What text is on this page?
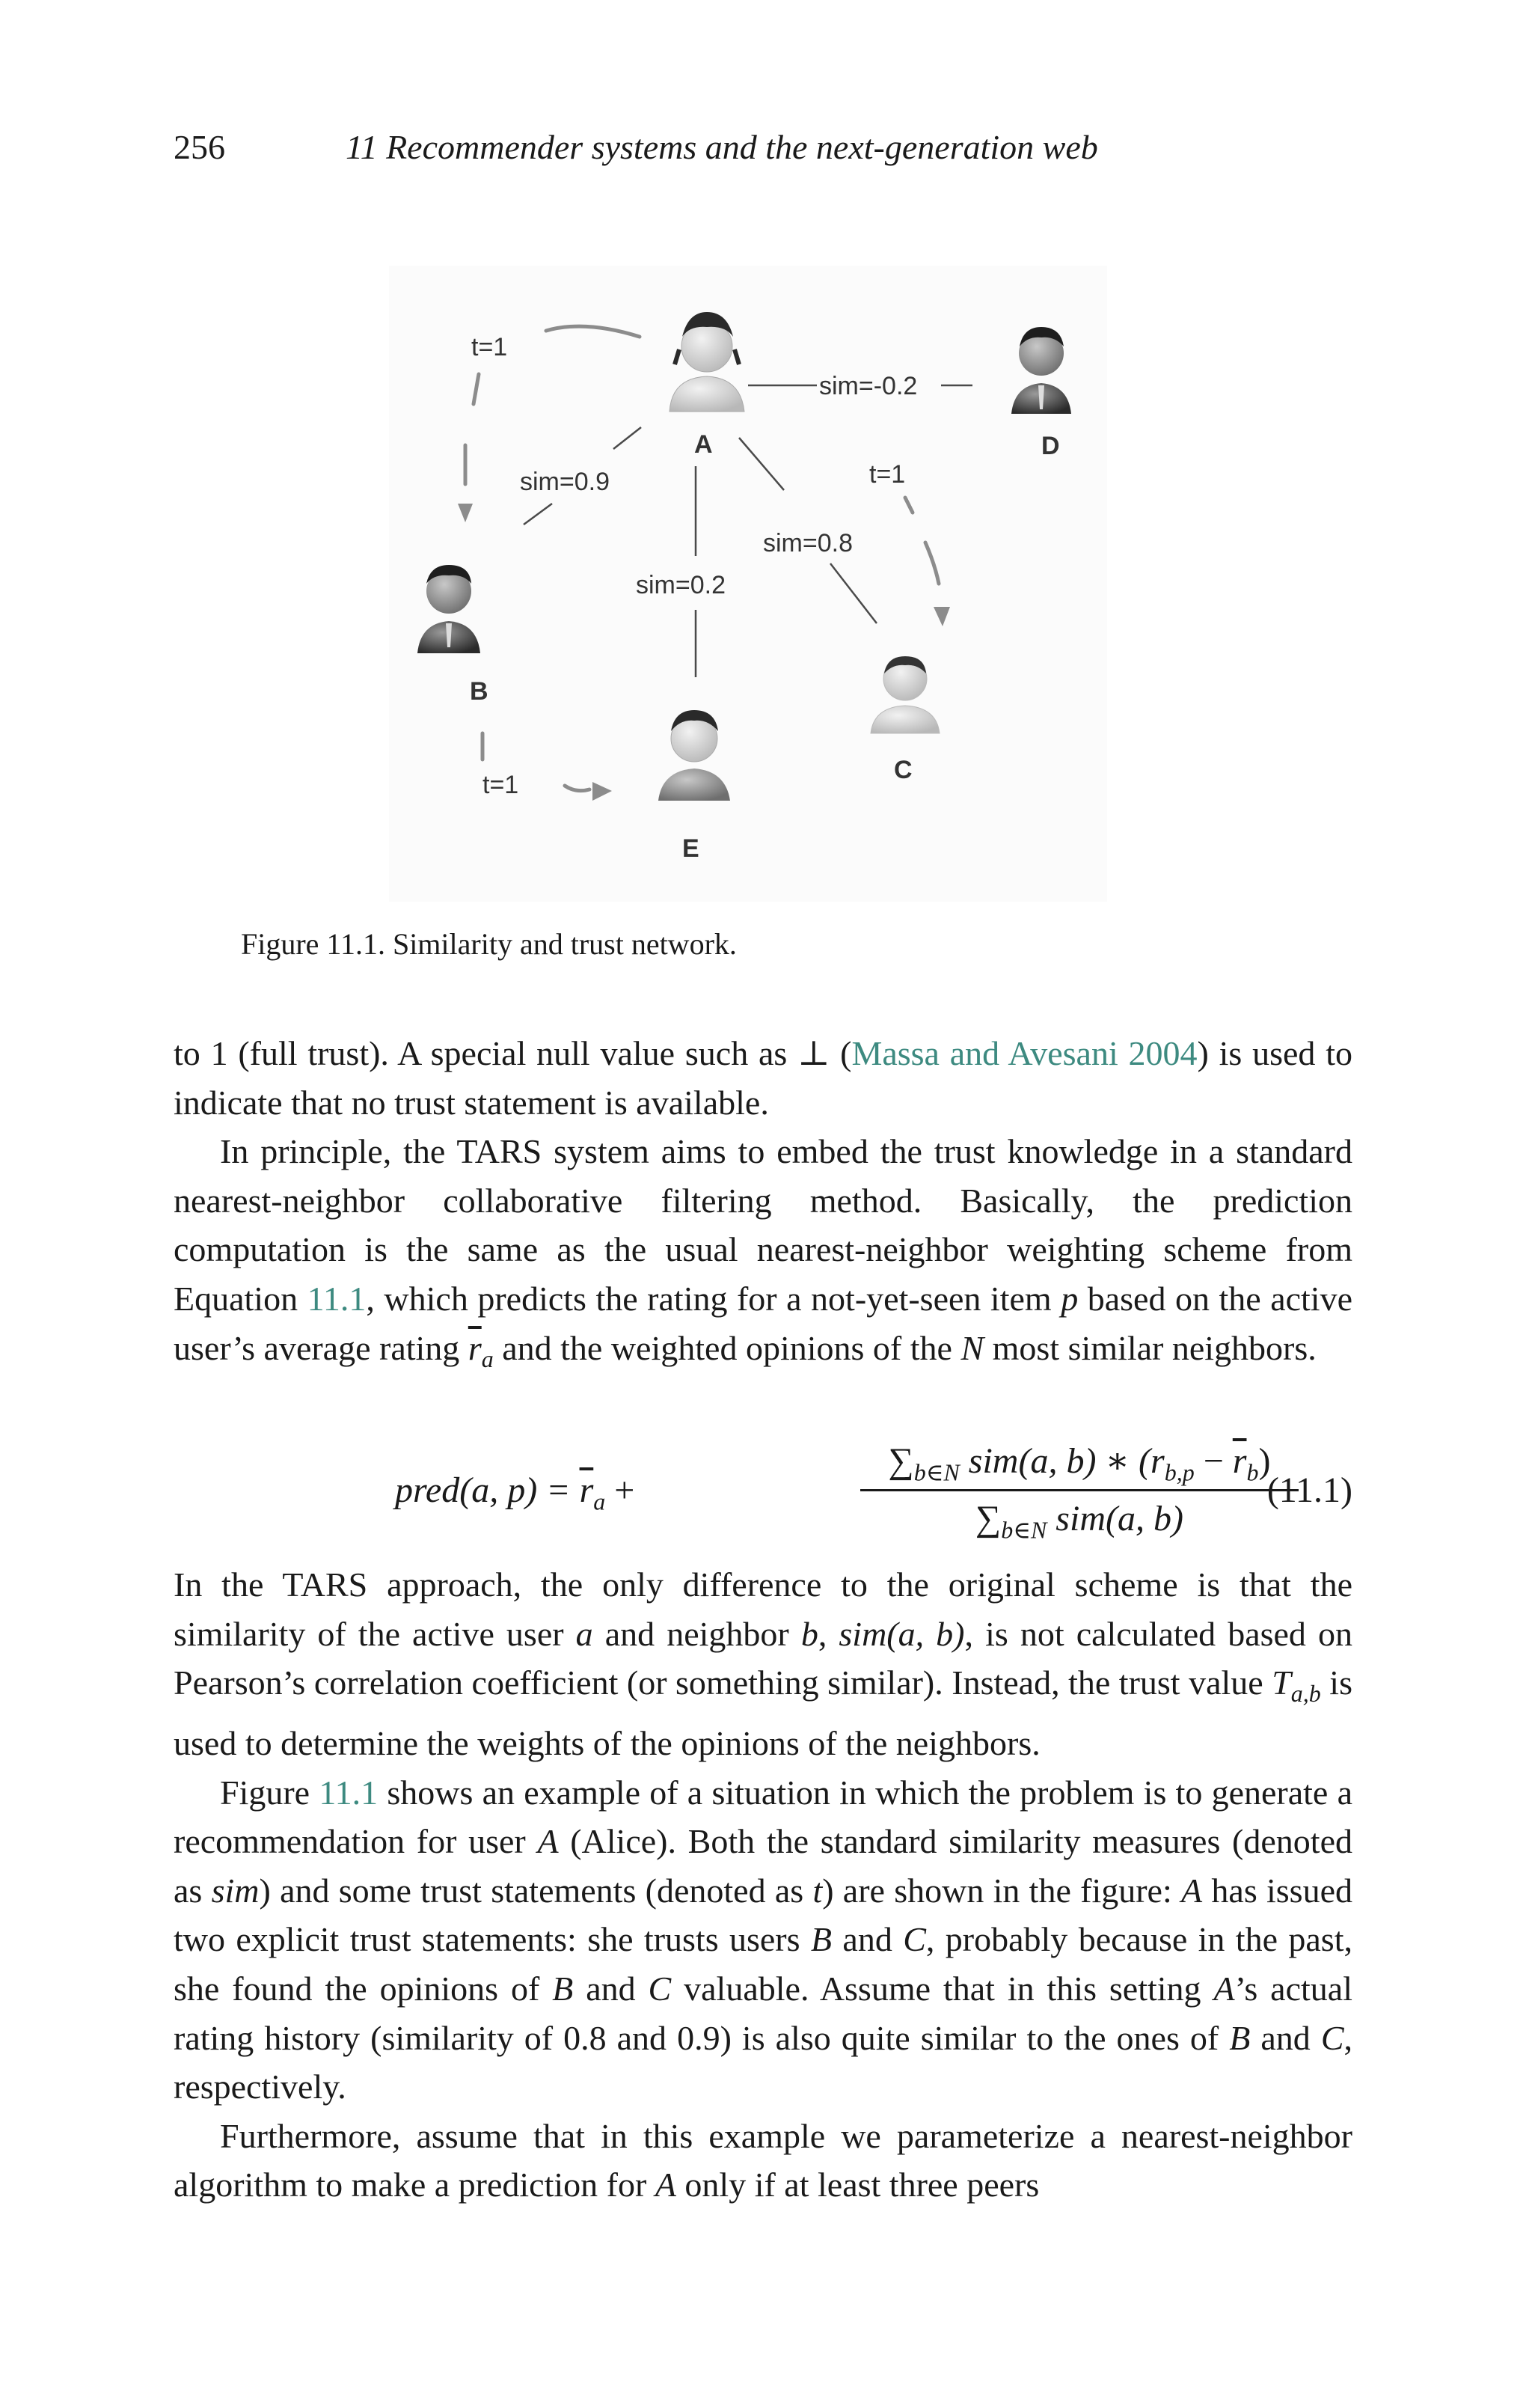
256	11 Recommender systems and the next-generation web
A
B
C
D
E
t=1
sim=0.9
sim=-0.2
t=1
sim=0.8
sim=0.2
t=1
Figure 11.1. Similarity and trust network.

to 1 (full trust). A special null value such as ⊥ (Massa and Avesani 2004) is used to indicate that no trust statement is available.

In principle, the TARS system aims to embed the trust knowledge in a standard nearest-neighbor collaborative filtering method. Basically, the prediction computation is the same as the usual nearest-neighbor weighting scheme from Equation 11.1, which predicts the rating for a not-yet-seen item p based on the active user’s average rating $\overline{r}_a$ and the weighted opinions of the N most similar neighbors.

pred(a, $p) = \overline{r}_a$ +
$\sum_{b\in N}$ sim(a, b) ∗ $(r_{b,p} - \overline{r}_b)$
$\sum_{b\in N}$ sim(a, b)
(11.1)

In the TARS approach, the only difference to the original scheme is that the similarity of the active user a and neighbor b, sim(a, b), is not calculated based on Pearson’s correlation coefficient (or something similar). Instead, the trust value $T_{a,b}$ is used to determine the weights of the opinions of the neighbors.

Figure 11.1 shows an example of a situation in which the problem is to generate a recommendation for user A (Alice). Both the standard similarity measures (denoted as sim) and some trust statements (denoted as t) are shown in the figure: A has issued two explicit trust statements: she trusts users B and C, probably because in the past, she found the opinions of B and C valuable. Assume that in this setting A’s actual rating history (similarity of 0.8 and 0.9) is also quite similar to the ones of B and C, respectively.

Furthermore, assume that in this example we parameterize a nearest-neighbor algorithm to make a prediction for A only if at least three peers
